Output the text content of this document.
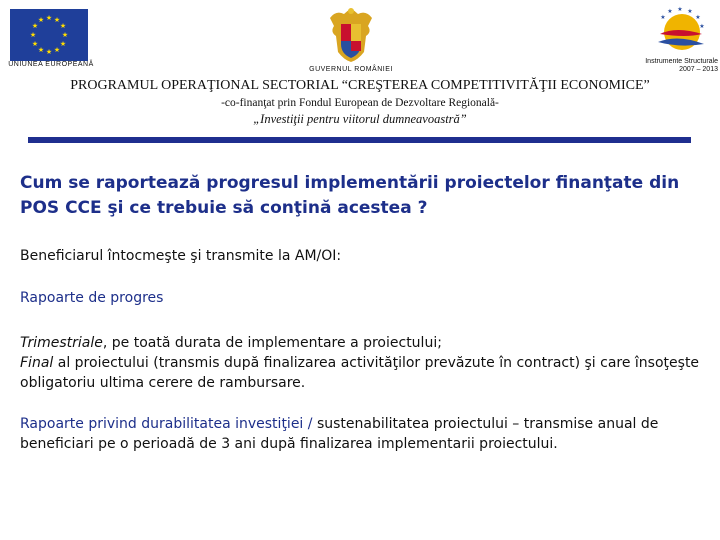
★ ★
★
★
★
★
★
★
★
★
★
★
UNIUNEA EUROPEANĂ
GUVERNUL ROMÂNIEI
★ ★
★
★
★
★
Instrumente Structurale
2007 – 2013
PROGRAMUL OPERAŢIONAL SECTORIAL “CREŞTEREA COMPETITIVITĂŢII ECONOMICE”
-co-finanţat prin Fondul European de Dezvoltare Regională-
„Investiţii pentru viitorul dumneavoastră”
Cum se raportează progresul implementării proiectelor finanţate din POS CCE şi ce trebuie să conţină acestea ?
Beneficiarul întocmeşte şi transmite la AM/OI:
Rapoarte de progres
Trimestriale, pe toată durata de implementare a proiectului;
Final al proiectului (transmis după finalizarea activităţilor prevăzute în contract) şi care însoţeşte obligatoriu ultima cerere de rambursare.
Rapoarte privind durabilitatea investiţiei / sustenabilitatea proiectului – transmise anual de beneficiari pe o perioadă de 3 ani după finalizarea implementarii proiectului.
